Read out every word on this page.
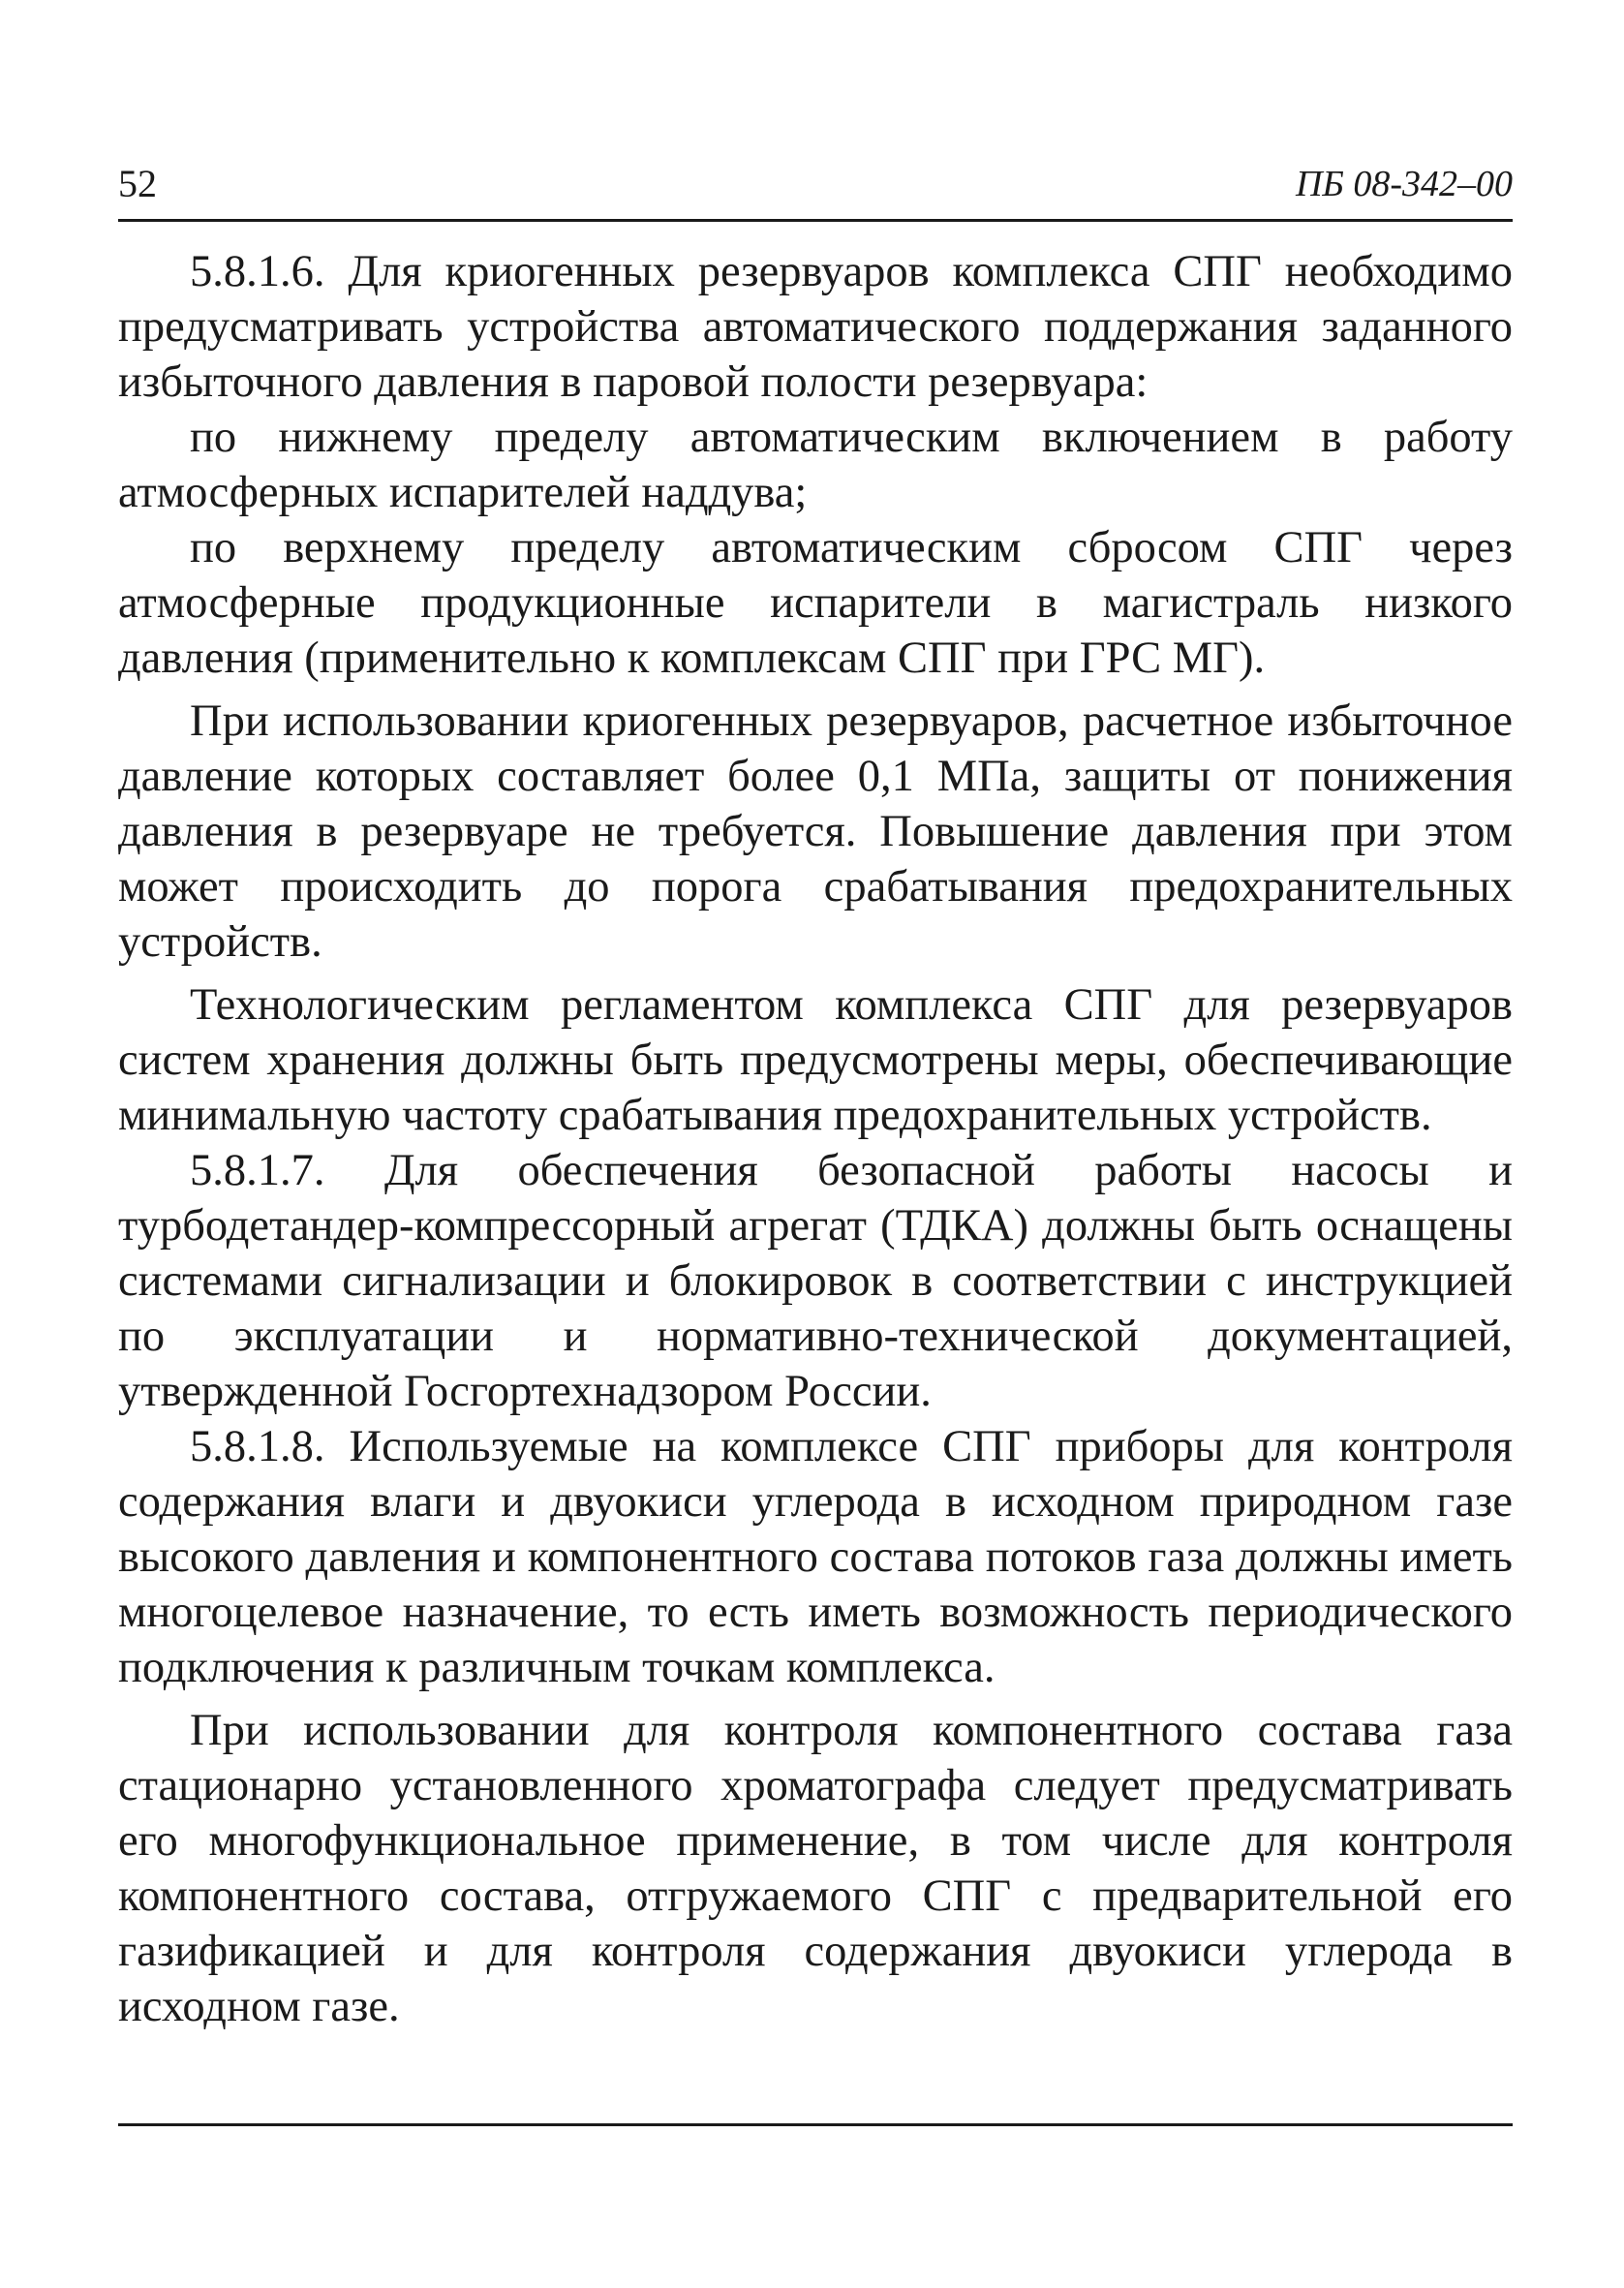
52	ПБ 08-342–00

5.8.1.6. Для криогенных резервуаров комплекса СПГ необходимо предусматривать устройства автоматического поддержания заданного избыточного давления в паровой полости резервуара:

по нижнему пределу автоматическим включением в работу атмосферных испарителей наддува;

по верхнему пределу автоматическим сбросом СПГ через атмосферные продукционные испарители в магистраль низкого давления (применительно к комплексам СПГ при ГРС МГ).

При использовании криогенных резервуаров, расчетное избыточное давление которых составляет более 0,1 МПа, защиты от понижения давления в резервуаре не требуется. Повышение давления при этом может происходить до порога срабатывания предохранительных устройств.

Технологическим регламентом комплекса СПГ для резервуаров систем хранения должны быть предусмотрены меры, обеспечивающие минимальную частоту срабатывания предохранительных устройств.

5.8.1.7. Для обеспечения безопасной работы насосы и турбодетандер-компрессорный агрегат (ТДКА) должны быть оснащены системами сигнализации и блокировок в соответствии с инструкцией по эксплуатации и нормативно-технической документацией, утвержденной Госгортехнадзором России.

5.8.1.8. Используемые на комплексе СПГ приборы для контроля содержания влаги и двуокиси углерода в исходном природном газе высокого давления и компонентного состава потоков газа должны иметь многоцелевое назначение, то есть иметь возможность периодического подключения к различным точкам комплекса.

При использовании для контроля компонентного состава газа стационарно установленного хроматографа следует предусматривать его многофункциональное применение, в том числе для контроля компонентного состава, отгружаемого СПГ с предварительной его газификацией и для контроля содержания двуокиси углерода в исходном газе.
